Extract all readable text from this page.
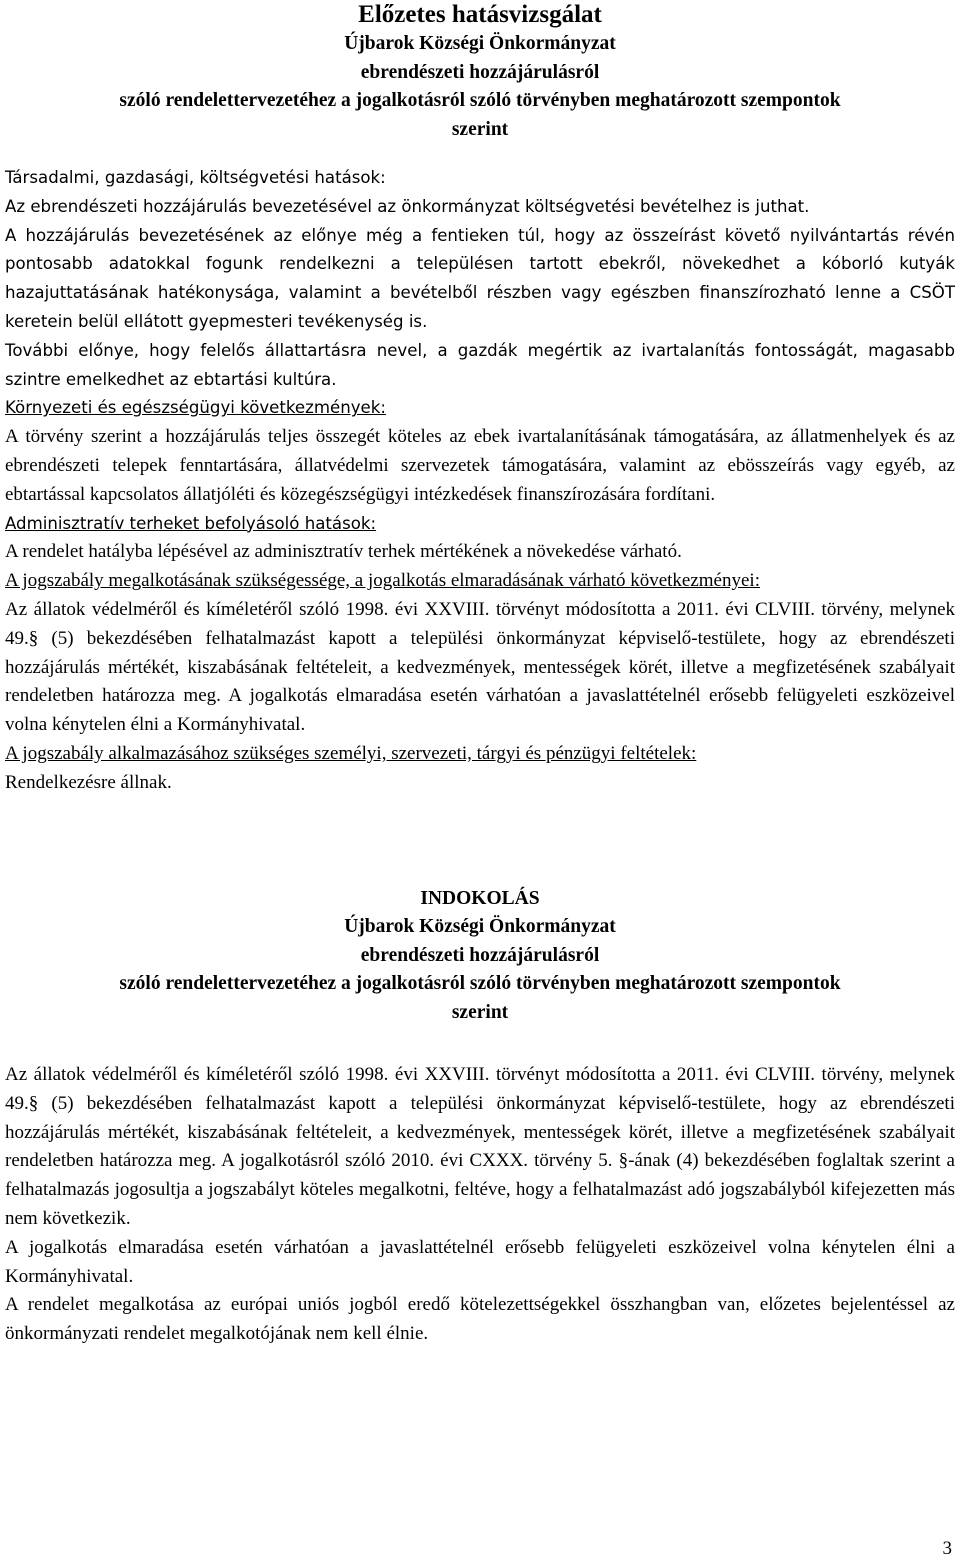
Előzetes hatásvizsgálat
Újbarok Községi Önkormányzat
ebrendészeti hozzájárulásról
szóló rendelettervezetéhez a jogalkotásról szóló törvényben meghatározott szempontok
szerint

Társadalmi, gazdasági, költségvetési hatások:

Az ebrendészeti hozzájárulás bevezetésével az önkormányzat költségvetési bevételhez is juthat.

A hozzájárulás bevezetésének az előnye még a fentieken túl, hogy az összeírást követő nyilvántartás révén pontosabb adatokkal fogunk rendelkezni a településen tartott ebekről, növekedhet a kóborló kutyák hazajuttatásának hatékonysága, valamint a bevételből részben vagy egészben finanszírozható lenne a CSÖT keretein belül ellátott gyepmesteri tevékenység is.

További előnye, hogy felelős állattartásra nevel, a gazdák megértik az ivartalanítás fontosságát, magasabb szintre emelkedhet az ebtartási kultúra.

Környezeti és egészségügyi következmények:

A törvény szerint a hozzájárulás teljes összegét köteles az ebek ivartalanításának támogatására, az állatmenhelyek és az ebrendészeti telepek fenntartására, állatvédelmi szervezetek támogatására, valamint az ebösszeírás vagy egyéb, az ebtartással kapcsolatos állatjóléti és közegészségügyi intézkedések finanszírozására fordítani.

Adminisztratív terheket befolyásoló hatások:

A rendelet hatályba lépésével az adminisztratív terhek mértékének a növekedése várható.

A jogszabály megalkotásának szükségessége, a jogalkotás elmaradásának várható következményei:

Az állatok védelméről és kíméletéről szóló 1998. évi XXVIII. törvényt módosította a 2011. évi CLVIII. törvény, melynek 49.§ (5) bekezdésében felhatalmazást kapott a települési önkormányzat képviselő-testülete, hogy az ebrendészeti hozzájárulás mértékét, kiszabásának feltételeit, a kedvezmények, mentességek körét, illetve a megfizetésének szabályait rendeletben határozza meg. A jogalkotás elmaradása esetén várhatóan a javaslattételnél erősebb felügyeleti eszközeivel volna kénytelen élni a Kormányhivatal.

A jogszabály alkalmazásához szükséges személyi, szervezeti, tárgyi és pénzügyi feltételek:

Rendelkezésre állnak.

INDOKOLÁS
Újbarok Községi Önkormányzat
ebrendészeti hozzájárulásról
szóló rendelettervezetéhez a jogalkotásról szóló törvényben meghatározott szempontok
szerint

Az állatok védelméről és kíméletéről szóló 1998. évi XXVIII. törvényt módosította a 2011. évi CLVIII. törvény, melynek 49.§ (5) bekezdésében felhatalmazást kapott a települési önkormányzat képviselő-testülete, hogy az ebrendészeti hozzájárulás mértékét, kiszabásának feltételeit, a kedvezmények, mentességek körét, illetve a megfizetésének szabályait rendeletben határozza meg. A jogalkotásról szóló 2010. évi CXXX. törvény 5. §-ának (4) bekezdésében foglaltak szerint a felhatalmazás jogosultja a jogszabályt köteles megalkotni, feltéve, hogy a felhatalmazást adó jogszabályból kifejezetten más nem következik.

A jogalkotás elmaradása esetén várhatóan a javaslattételnél erősebb felügyeleti eszközeivel volna kénytelen élni a Kormányhivatal.

A rendelet megalkotása az európai uniós jogból eredő kötelezettségekkel összhangban van, előzetes bejelentéssel az önkormányzati rendelet megalkotójának nem kell élnie.

3
